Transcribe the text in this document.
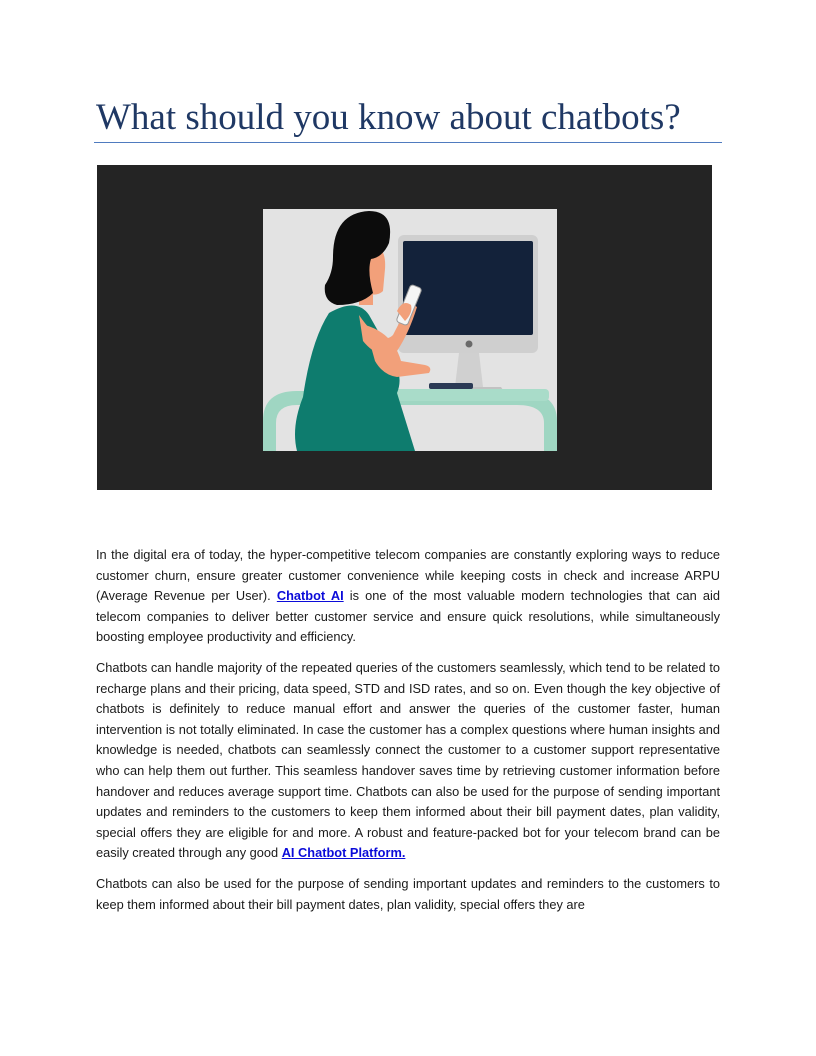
What should you know about chatbots?

In the digital era of today, the hyper-competitive telecom companies are constantly exploring ways to reduce customer churn, ensure greater customer convenience while keeping costs in check and increase ARPU (Average Revenue per User). Chatbot AI is one of the most valuable modern technologies that can aid telecom companies to deliver better customer service and ensure quick resolutions, while simultaneously boosting employee productivity and efficiency.

Chatbots can handle majority of the repeated queries of the customers seamlessly, which tend to be related to recharge plans and their pricing, data speed, STD and ISD rates, and so on. Even though the key objective of chatbots is definitely to reduce manual effort and answer the queries of the customer faster, human intervention is not totally eliminated. In case the customer has a complex questions where human insights and knowledge is needed, chatbots can seamlessly connect the customer to a customer support representative who can help them out further. This seamless handover saves time by retrieving customer information before handover and reduces average support time. Chatbots can also be used for the purpose of sending important updates and reminders to the customers to keep them informed about their bill payment dates, plan validity, special offers they are eligible for and more. A robust and feature-packed bot for your telecom brand can be easily created through any good AI Chatbot Platform.

Chatbots can also be used for the purpose of sending important updates and reminders to the customers to keep them informed about their bill payment dates, plan validity, special offers they are
